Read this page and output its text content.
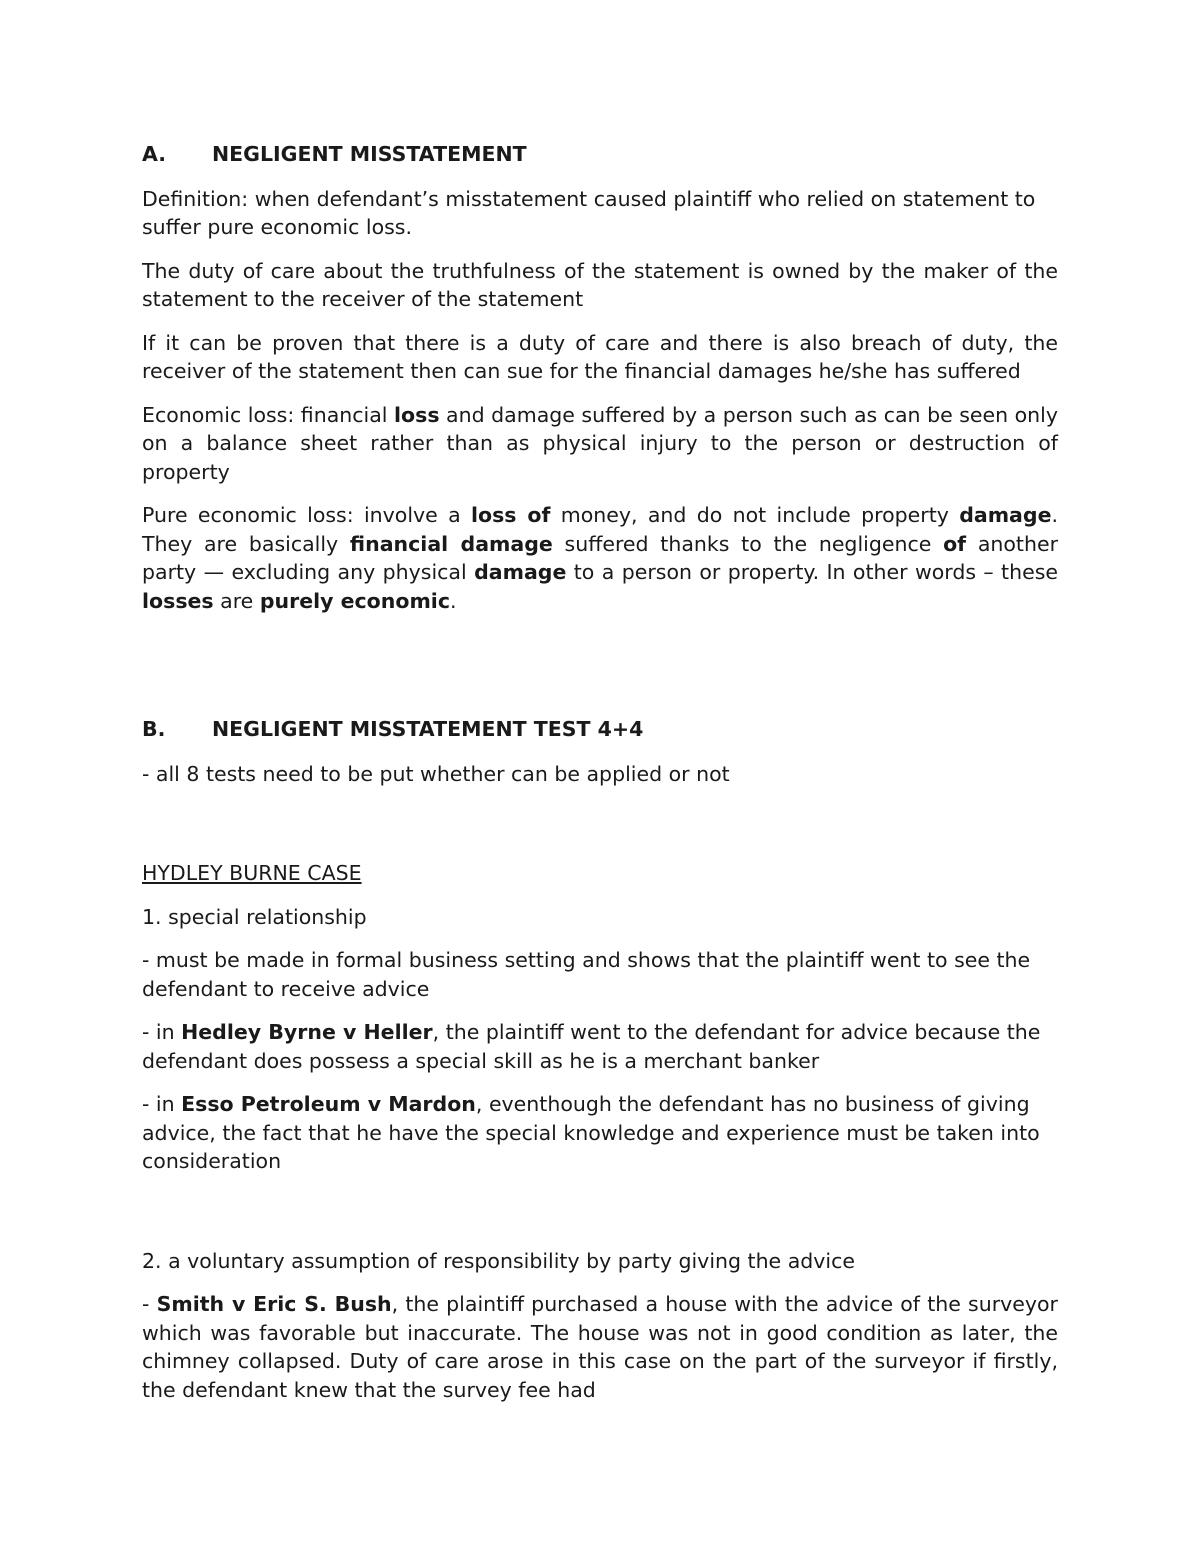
A.	NEGLIGENT MISSTATEMENT

Definition: when defendant’s misstatement caused plaintiff who relied on statement to suffer pure economic loss.

The duty of care about the truthfulness of the statement is owned by the maker of the statement to the receiver of the statement

If it can be proven that there is a duty of care and there is also breach of duty, the receiver of the statement then can sue for the financial damages he/she has suffered

Economic loss: financial loss and damage suffered by a person such as can be seen only on a balance sheet rather than as physical injury to the person or destruction of property

Pure economic loss: involve a loss of money, and do not include property damage. They are basically financial damage suffered thanks to the negligence of another party — excluding any physical damage to a person or property. In other words – these losses are purely economic.

B.	NEGLIGENT MISSTATEMENT TEST 4+4

- all 8 tests need to be put whether can be applied or not

HYDLEY BURNE CASE

1. special relationship

- must be made in formal business setting and shows that the plaintiff went to see the defendant to receive advice

- in Hedley Byrne v Heller, the plaintiff went to the defendant for advice because the defendant does possess a special skill as he is a merchant banker

- in Esso Petroleum v Mardon, eventhough the defendant has no business of giving advice, the fact that he have the special knowledge and experience must be taken into consideration

2. a voluntary assumption of responsibility by party giving the advice

- Smith v Eric S. Bush, the plaintiff purchased a house with the advice of the surveyor which was favorable but inaccurate. The house was not in good condition as later, the chimney collapsed. Duty of care arose in this case on the part of the surveyor if firstly, the defendant knew that the survey fee had
